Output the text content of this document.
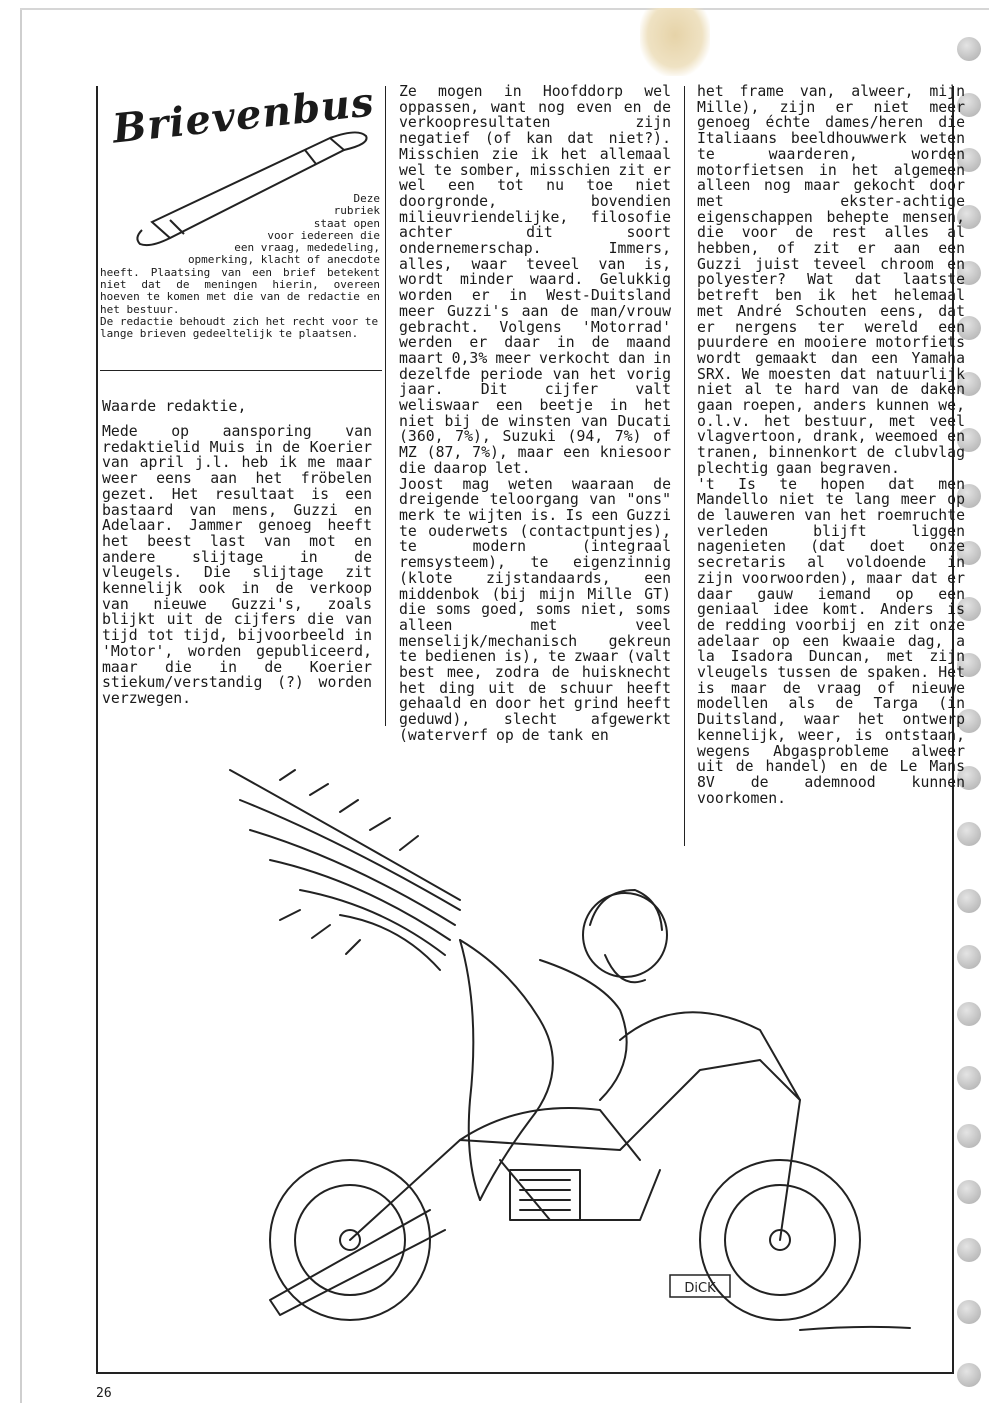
Brievenbus
Deze
rubriek
staat open
voor iedereen die
een vraag, mededeling,
opmerking, klacht of anecdote
heeft. Plaatsing van een brief betekent niet dat de meningen hierin, overeen hoeven te komen met die van de redactie en het bestuur.
De redactie behoudt zich het recht voor te lange brieven gedeeltelijk te plaatsen.
Waarde redaktie,

Mede op aansporing van redaktielid Muis in de Koerier van april j.l. heb ik me maar weer eens aan het fröbelen gezet. Het resultaat is een bastaard van mens, Guzzi en Adelaar. Jammer genoeg heeft het beest last van mot en andere slijtage in de vleugels. Die slijtage zit kennelijk ook in de verkoop van nieuwe Guzzi's, zoals blijkt uit de cijfers die van tijd tot tijd, bijvoorbeeld in 'Motor', worden gepubliceerd, maar die in de Koerier stiekum/verstandig (?) worden verzwegen.

Ze mogen in Hoofddorp wel oppassen, want nog even en de verkoopresultaten zijn negatief (of kan dat niet?). Misschien zie ik het allemaal wel te somber, misschien zit er wel een tot nu toe niet doorgronde, bovendien milieuvriendelijke, filosofie achter dit soort ondernemerschap. Immers, alles, waar teveel van is, wordt minder waard. Gelukkig worden er in West-Duitsland meer Guzzi's aan de man/vrouw gebracht. Volgens 'Motorrad' werden er daar in de maand maart 0,3% meer verkocht dan in dezelfde periode van het vorig jaar. Dit cijfer valt weliswaar een beetje in het niet bij de winsten van Ducati (360, 7%), Suzuki (94, 7%) of MZ (87, 7%), maar een kniesoor die daarop let.

Joost mag weten waaraan de dreigende teloorgang van "ons" merk te wijten is. Is een Guzzi te ouderwets (contactpuntjes), te modern (integraal remsysteem), te eigenzinnig (klote zijstandaards, een middenbok (bij mijn Mille GT) die soms goed, soms niet, soms alleen met veel menselijk/mechanisch gekreun te bedienen is), te zwaar (valt best mee, zodra de huisknecht het ding uit de schuur heeft gehaald en door het grind heeft geduwd), slecht afgewerkt (waterverf op de tank en

het frame van, alweer, mijn Mille), zijn er niet meer genoeg échte dames/heren die Italiaans beeldhouwwerk weten te waarderen, worden motorfietsen in het algemeen alleen nog maar gekocht door met ekster-achtige eigenschappen behepte mensen, die voor de rest alles al hebben, of zit er aan een Guzzi juist teveel chroom en polyester? Wat dat laatste betreft ben ik het helemaal met André Schouten eens, dat er nergens ter wereld een puurdere en mooiere motorfiets wordt gemaakt dan een Yamaha SRX. We moesten dat natuurlijk niet al te hard van de daken gaan roepen, anders kunnen we, o.l.v. het bestuur, met veel vlagvertoon, drank, weemoed en tranen, binnenkort de clubvlag plechtig gaan begraven.

't Is te hopen dat men Mandello niet te lang meer op de lauweren van het roemruchte verleden blijft liggen nagenieten (dat doet onze secretaris al voldoende in zijn voorwoorden), maar dat er daar gauw iemand op een geniaal idee komt. Anders is de redding voorbij en zit onze adelaar op een kwaaie dag, a la Isadora Duncan, met zijn vleugels tussen de spaken. Het is maar de vraag of nieuwe modellen als de Targa (in Duitsland, waar het ontwerp kennelijk, weer, is ontstaan, wegens Abgasprobleme alweer uit de handel) en de Le Mans 8V de ademnood kunnen voorkomen.

DiCK
26
